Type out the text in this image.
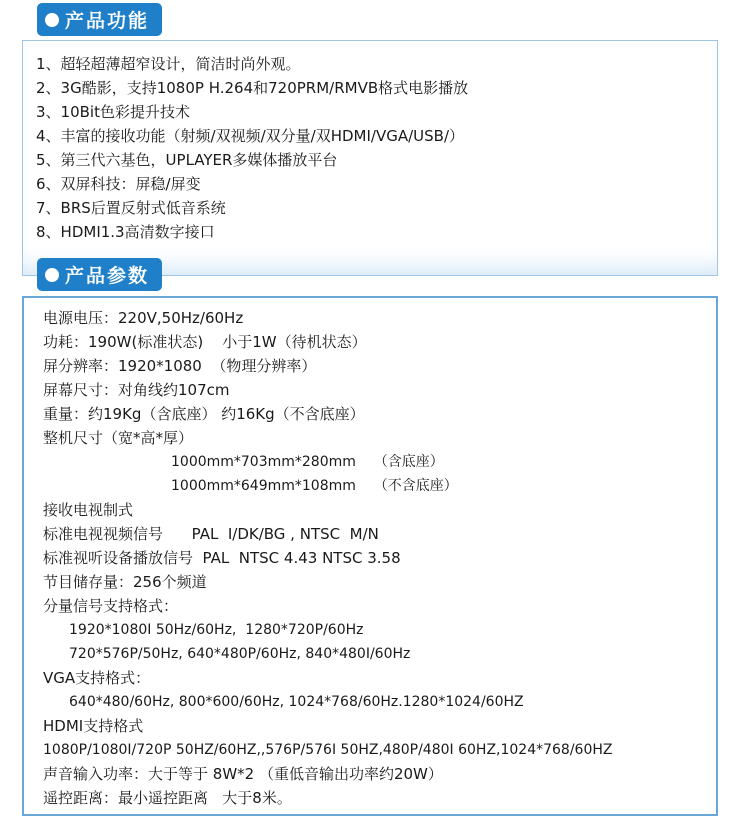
产品功能
1、超轻超薄超窄设计，简洁时尚外观。
2、3G酷影，支持1080P H.264和720PRM/RMVB格式电影播放
3、10Bit色彩提升技术
4、丰富的接收功能（射频/双视频/双分量/双HDMI/VGA/USB/）
5、第三代六基色，UPLAYER多媒体播放平台
6、双屏科技：屏稳/屏变
7、BRS后置反射式低音系统
8、HDMI1.3高清数字接口
产品参数
电源电压：220V,50Hz/60Hz
功耗：190W(标准状态)    小于1W（待机状态）
屏分辨率：1920*1080  （物理分辨率）
屏幕尺寸：对角线约107cm
重量：约19Kg（含底座） 约16Kg（不含底座）
整机尺寸（宽*高*厚）
1000mm*703mm*280mm    （含底座）
1000mm*649mm*108mm    （不含底座）
接收电视制式
标准电视视频信号      PAL  I/DK/BG , NTSC  M/N
标准视听设备播放信号  PAL  NTSC 4.43 NTSC 3.58
节目储存量：256个频道
分量信号支持格式：
1920*1080I 50Hz/60Hz,  1280*720P/60Hz
720*576P/50Hz, 640*480P/60Hz, 840*480I/60Hz
VGA支持格式：
640*480/60Hz, 800*600/60Hz, 1024*768/60Hz.1280*1024/60HZ
HDMI支持格式
1080P/1080I/720P 50HZ/60HZ,,576P/576I 50HZ,480P/480I 60HZ,1024*768/60HZ
声音输入功率：大于等于 8W*2 （重低音输出功率约20W）
遥控距离：最小遥控距离   大于8米。
